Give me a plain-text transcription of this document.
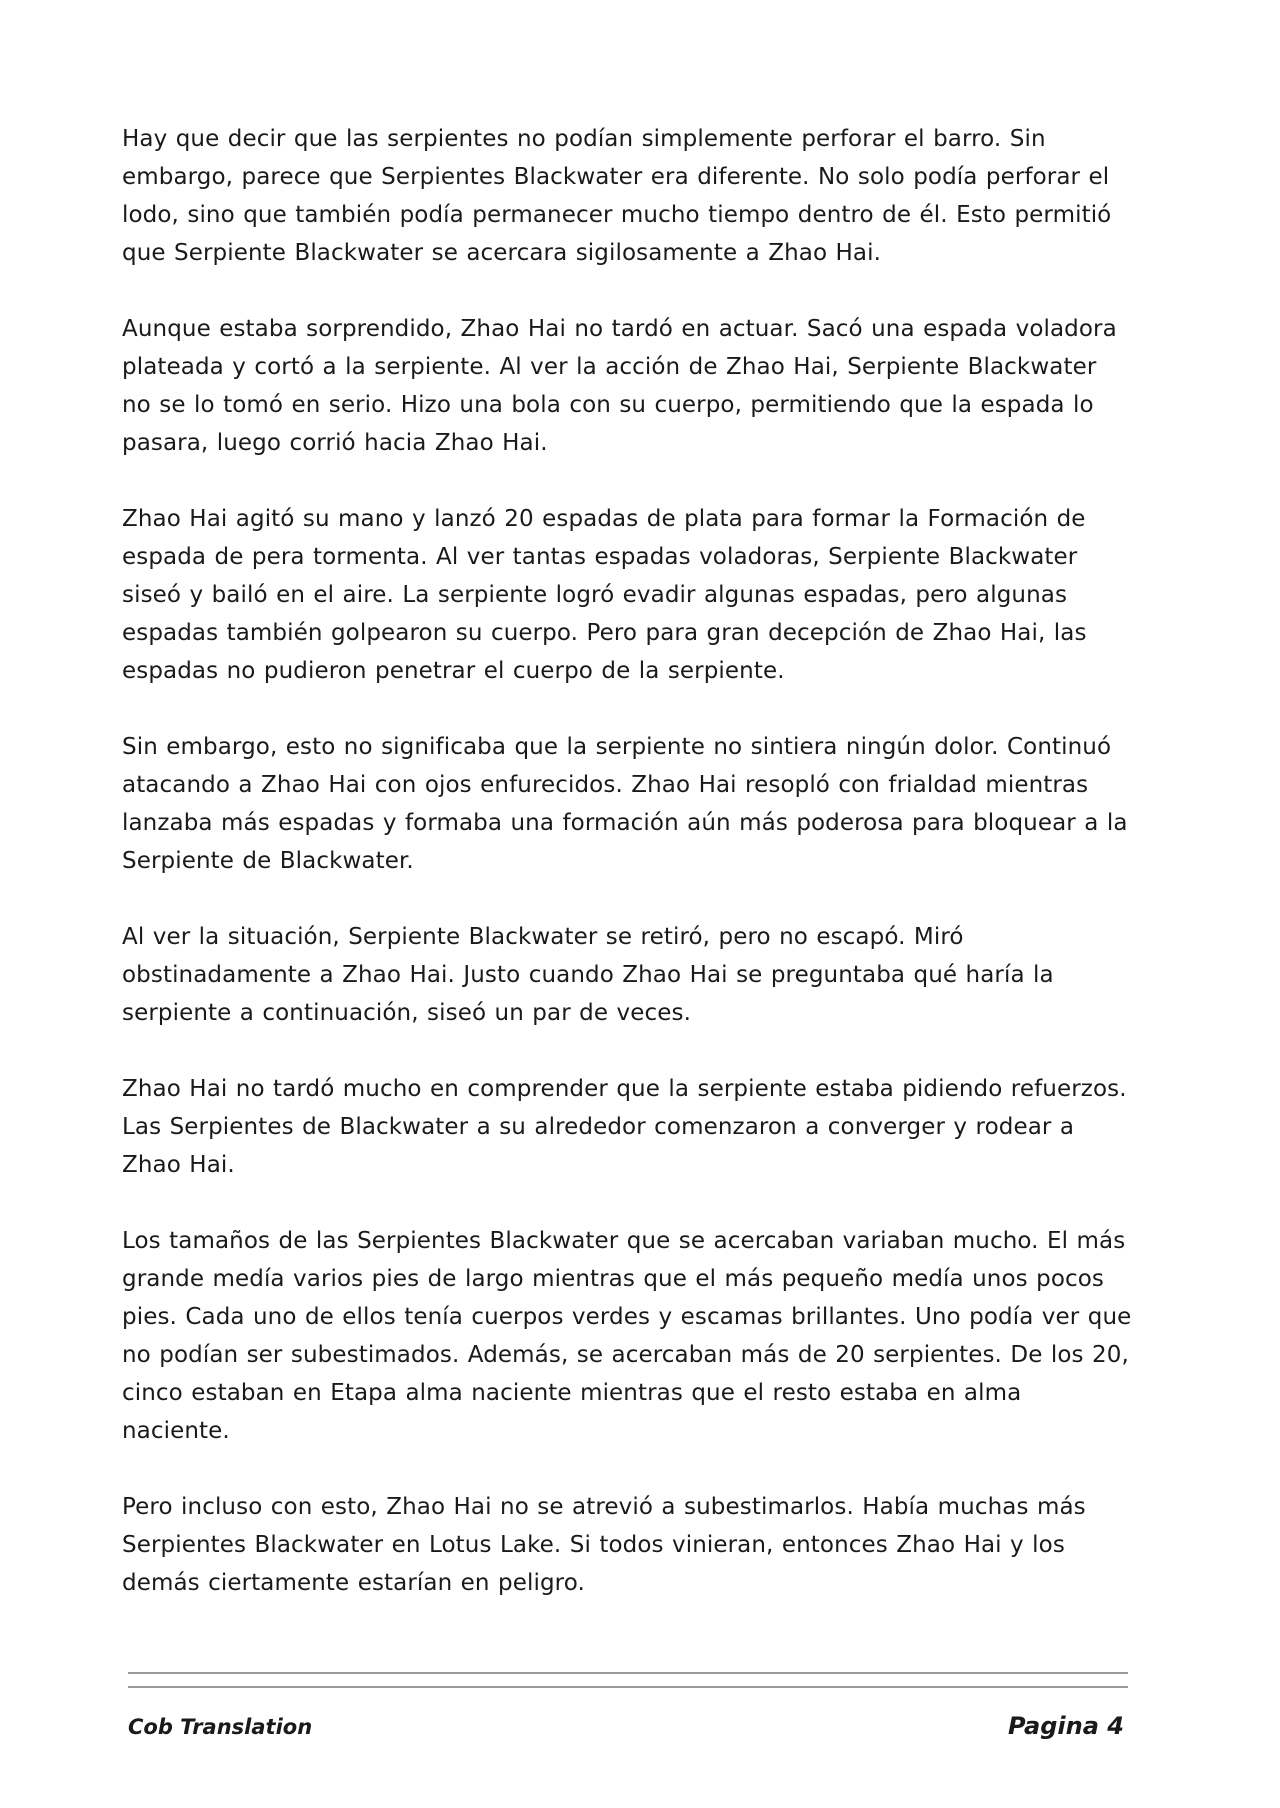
Hay que decir que las serpientes no podían simplemente perforar el barro. Sin embargo, parece que Serpientes Blackwater era diferente. No solo podía perforar el lodo, sino que también podía permanecer mucho tiempo dentro de él. Esto permitió que Serpiente Blackwater se acercara sigilosamente a Zhao Hai.

Aunque estaba sorprendido, Zhao Hai no tardó en actuar. Sacó una espada voladora plateada y cortó a la serpiente. Al ver la acción de Zhao Hai, Serpiente Blackwater no se lo tomó en serio. Hizo una bola con su cuerpo, permitiendo que la espada lo pasara, luego corrió hacia Zhao Hai.

Zhao Hai agitó su mano y lanzó 20 espadas de plata para formar la Formación de espada de pera tormenta. Al ver tantas espadas voladoras, Serpiente Blackwater siseó y bailó en el aire. La serpiente logró evadir algunas espadas, pero algunas espadas también golpearon su cuerpo. Pero para gran decepción de Zhao Hai, las espadas no pudieron penetrar el cuerpo de la serpiente.

Sin embargo, esto no significaba que la serpiente no sintiera ningún dolor. Continuó atacando a Zhao Hai con ojos enfurecidos. Zhao Hai resopló con frialdad mientras lanzaba más espadas y formaba una formación aún más poderosa para bloquear a la Serpiente de Blackwater.

Al ver la situación, Serpiente Blackwater se retiró, pero no escapó. Miró obstinadamente a Zhao Hai. Justo cuando Zhao Hai se preguntaba qué haría la serpiente a continuación, siseó un par de veces.

Zhao Hai no tardó mucho en comprender que la serpiente estaba pidiendo refuerzos. Las Serpientes de Blackwater a su alrededor comenzaron a converger y rodear a Zhao Hai.

Los tamaños de las Serpientes Blackwater que se acercaban variaban mucho. El más grande medía varios pies de largo mientras que el más pequeño medía unos pocos pies. Cada uno de ellos tenía cuerpos verdes y escamas brillantes. Uno podía ver que no podían ser subestimados. Además, se acercaban más de 20 serpientes. De los 20, cinco estaban en Etapa alma naciente mientras que el resto estaba en alma naciente.

Pero incluso con esto, Zhao Hai no se atrevió a subestimarlos. Había muchas más Serpientes Blackwater en Lotus Lake. Si todos vinieran, entonces Zhao Hai y los demás ciertamente estarían en peligro.

Cob Translation	Pagina 4
